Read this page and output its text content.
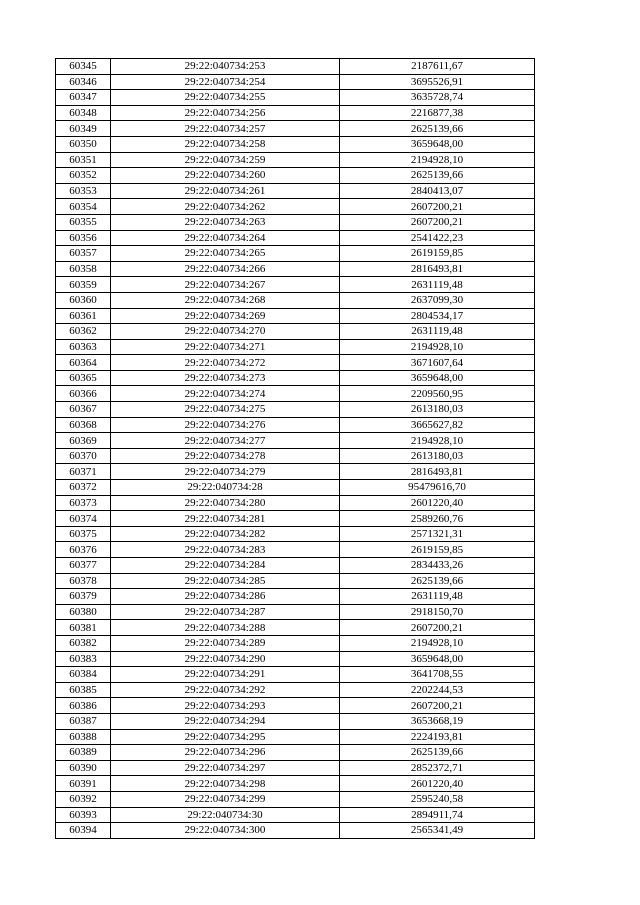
60345	29:22:040734:253	2187611,67
60346	29:22:040734:254	3695526,91
60347	29:22:040734:255	3635728,74
60348	29:22:040734:256	2216877,38
60349	29:22:040734:257	2625139,66
60350	29:22:040734:258	3659648,00
60351	29:22:040734:259	2194928,10
60352	29:22:040734:260	2625139,66
60353	29:22:040734:261	2840413,07
60354	29:22:040734:262	2607200,21
60355	29:22:040734:263	2607200,21
60356	29:22:040734:264	2541422,23
60357	29:22:040734:265	2619159,85
60358	29:22:040734:266	2816493,81
60359	29:22:040734:267	2631119,48
60360	29:22:040734:268	2637099,30
60361	29:22:040734:269	2804534,17
60362	29:22:040734:270	2631119,48
60363	29:22:040734:271	2194928,10
60364	29:22:040734:272	3671607,64
60365	29:22:040734:273	3659648,00
60366	29:22:040734:274	2209560,95
60367	29:22:040734:275	2613180,03
60368	29:22:040734:276	3665627,82
60369	29:22:040734:277	2194928,10
60370	29:22:040734:278	2613180,03
60371	29:22:040734:279	2816493,81
60372	29:22:040734:28	95479616,70
60373	29:22:040734:280	2601220,40
60374	29:22:040734:281	2589260,76
60375	29:22:040734:282	2571321,31
60376	29:22:040734:283	2619159,85
60377	29:22:040734:284	2834433,26
60378	29:22:040734:285	2625139,66
60379	29:22:040734:286	2631119,48
60380	29:22:040734:287	2918150,70
60381	29:22:040734:288	2607200,21
60382	29:22:040734:289	2194928,10
60383	29:22:040734:290	3659648,00
60384	29:22:040734:291	3641708,55
60385	29:22:040734:292	2202244,53
60386	29:22:040734:293	2607200,21
60387	29:22:040734:294	3653668,19
60388	29:22:040734:295	2224193,81
60389	29:22:040734:296	2625139,66
60390	29:22:040734:297	2852372,71
60391	29:22:040734:298	2601220,40
60392	29:22:040734:299	2595240,58
60393	29:22:040734:30	2894911,74
60394	29:22:040734:300	2565341,49
